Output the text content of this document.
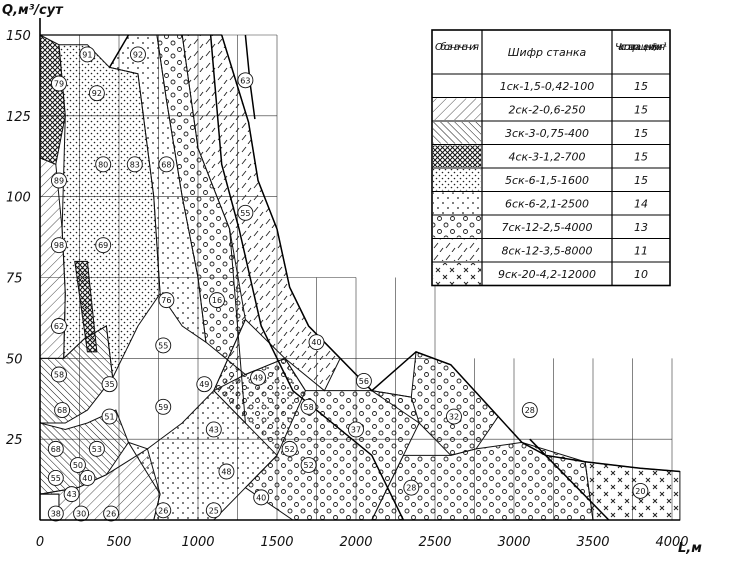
91	92
63
79
92
80	83	68
89
55
98	69
76	16
62
55	40
58
35	49
49	56
68
51
59	58
37
32
28
68	53	52
43
50
48
52
55	40
43
28	20
40
38 30 26	26	25
0	500	1000	1500	2000	2500	3000	3500	4000
150
125
100
75
50
25
Q,м³/сут
L,м
Обозна-чения	Шифр станка	Частота вращений, мин⁻¹
1ск-1,5-0,42-100	15
2ск-2-0,6-250	15
3ск-3-0,75-400	15
4ск-3-1,2-700	15
5ск-6-1,5-1600	15
6ск-6-2,1-2500	14
7ск-12-2,5-4000	13
8ск-12-3,5-8000	11
9ск-20-4,2-12000	10
